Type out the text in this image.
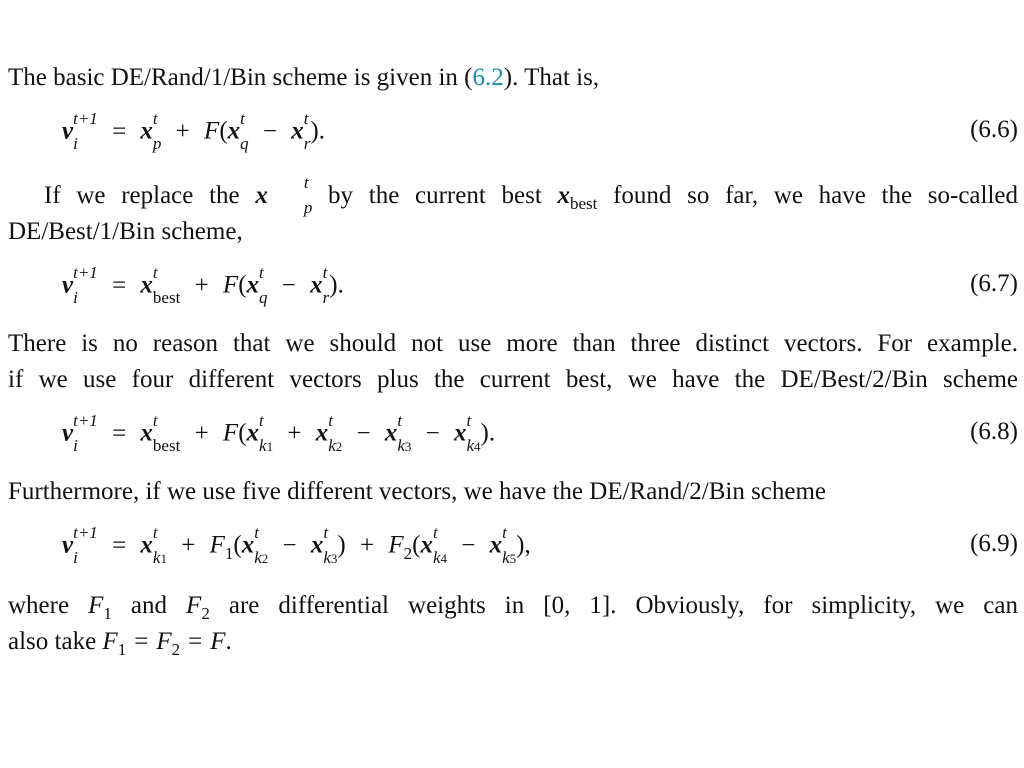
The basic DE/Rand/1/Bin scheme is given in (6.2). That is,
v t+1
i	= x t
p + F(x t
q − x t
r ).	(6.6)
If we replace the x	t
p by the current best $x_{best}$ found so far, we have the so-called
DE/Best/1/Bin scheme,
v t+1
i	= x t
best + F(x t
q − x t
r ).	(6.7)
There is no reason that we should not use more than three distinct vectors. For example.
if we use four different vectors plus the current best, we have the DE/Best/2/Bin scheme
v t+1
i	= x t
best + F(x t
k1 + x t
k2 − x t
k3 − x t
k4 ).	(6.8)
Furthermore, if we use five different vectors, we have the DE/Rand/2/Bin scheme
v t+1
i	= x t
$k1 + F_1(x$ t
k2 − x t
k3 ) + $F_2(x$ t
k4 − x t
k5 ),	(6.9)
where $F_1$ and $F_2$ are differential weights in [0, 1]. Obviously, for simplicity, we can
also take $F_1 = F_2 = F$.
